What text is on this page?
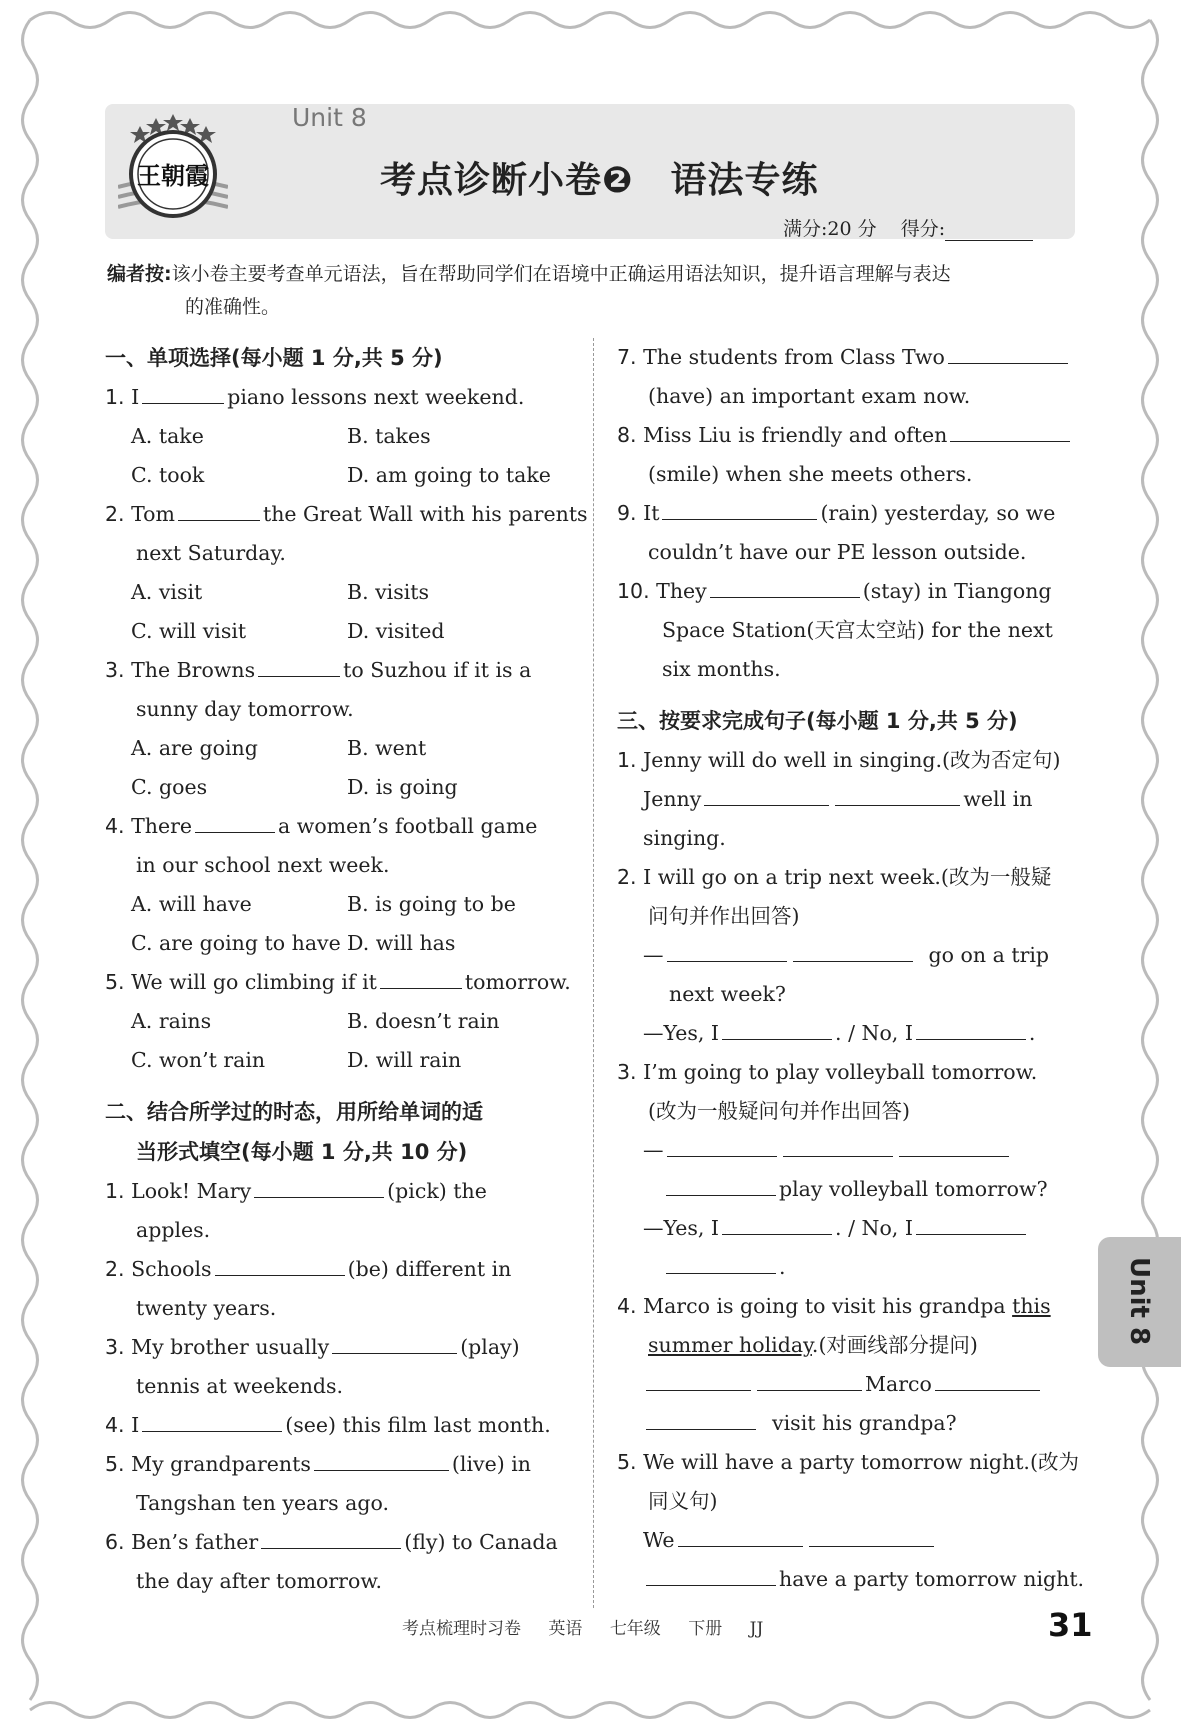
王朝霞
Unit 8
考点诊断小卷❷　语法专练
满分:20 分 得分:
编者按:该小卷主要考查单元语法，旨在帮助同学们在语境中正确运用语法知识，提升语言理解与表达
的准确性。
一、单项选择(每小题 1 分,共 5 分)
1. I	piano lessons next weekend.
A. take	B. takes
C. took	D. am going to take
2. Tom	the Great Wall with his parents
next Saturday.
A. visit	B. visits
C. will visit	D. visited
3. The Browns	to Suzhou if it is a
sunny day tomorrow.
A. are going	B. went
C. goes	D. is going
4. There	a women’s football game
in our school next week.
A. will have	B. is going to be
C. are going to have D. will has
5. We will go climbing if it	tomorrow.
A. rains	B. doesn’t rain
C. won’t rain	D. will rain
二、结合所学过的时态，用所给单词的适
当形式填空(每小题 1 分,共 10 分)
1. Look! Mary	(pick) the
apples.
2. Schools	(be) different in
twenty years.
3. My brother usually	(play)
tennis at weekends.
4. I	(see) this film last month.
5. My grandparents	(live) in
Tangshan ten years ago.
6. Ben’s father	(fly) to Canada
the day after tomorrow.
7. The students from Class Two
(have) an important exam now.
8. Miss Liu is friendly and often
(smile) when she meets others.
9. It	(rain) yesterday, so we
couldn’t have our PE lesson outside.
10. They	(stay) in Tiangong
Space Station(天宫太空站) for the next
six months.
三、按要求完成句子(每小题 1 分,共 5 分)
1. Jenny will do well in singing.(改为否定句)
Jenny	well in
singing.
2. I will go on a trip next week.(改为一般疑
问句并作出回答)
—	go on a trip
next week?
—Yes, I	. / No, I	.
3. I’m going to play volleyball tomorrow.
(改为一般疑问句并作出回答)
—
play volleyball tomorrow?
—Yes, I	. / No, I
.
4. Marco is going to visit his grandpa this
summer holiday.(对画线部分提问)
Marco
visit his grandpa?
5. We will have a party tomorrow night.(改为
同义句)
We
have a party tomorrow night.
Unit 8
考点梳理时习卷 英语 七年级 下册 JJ	31
